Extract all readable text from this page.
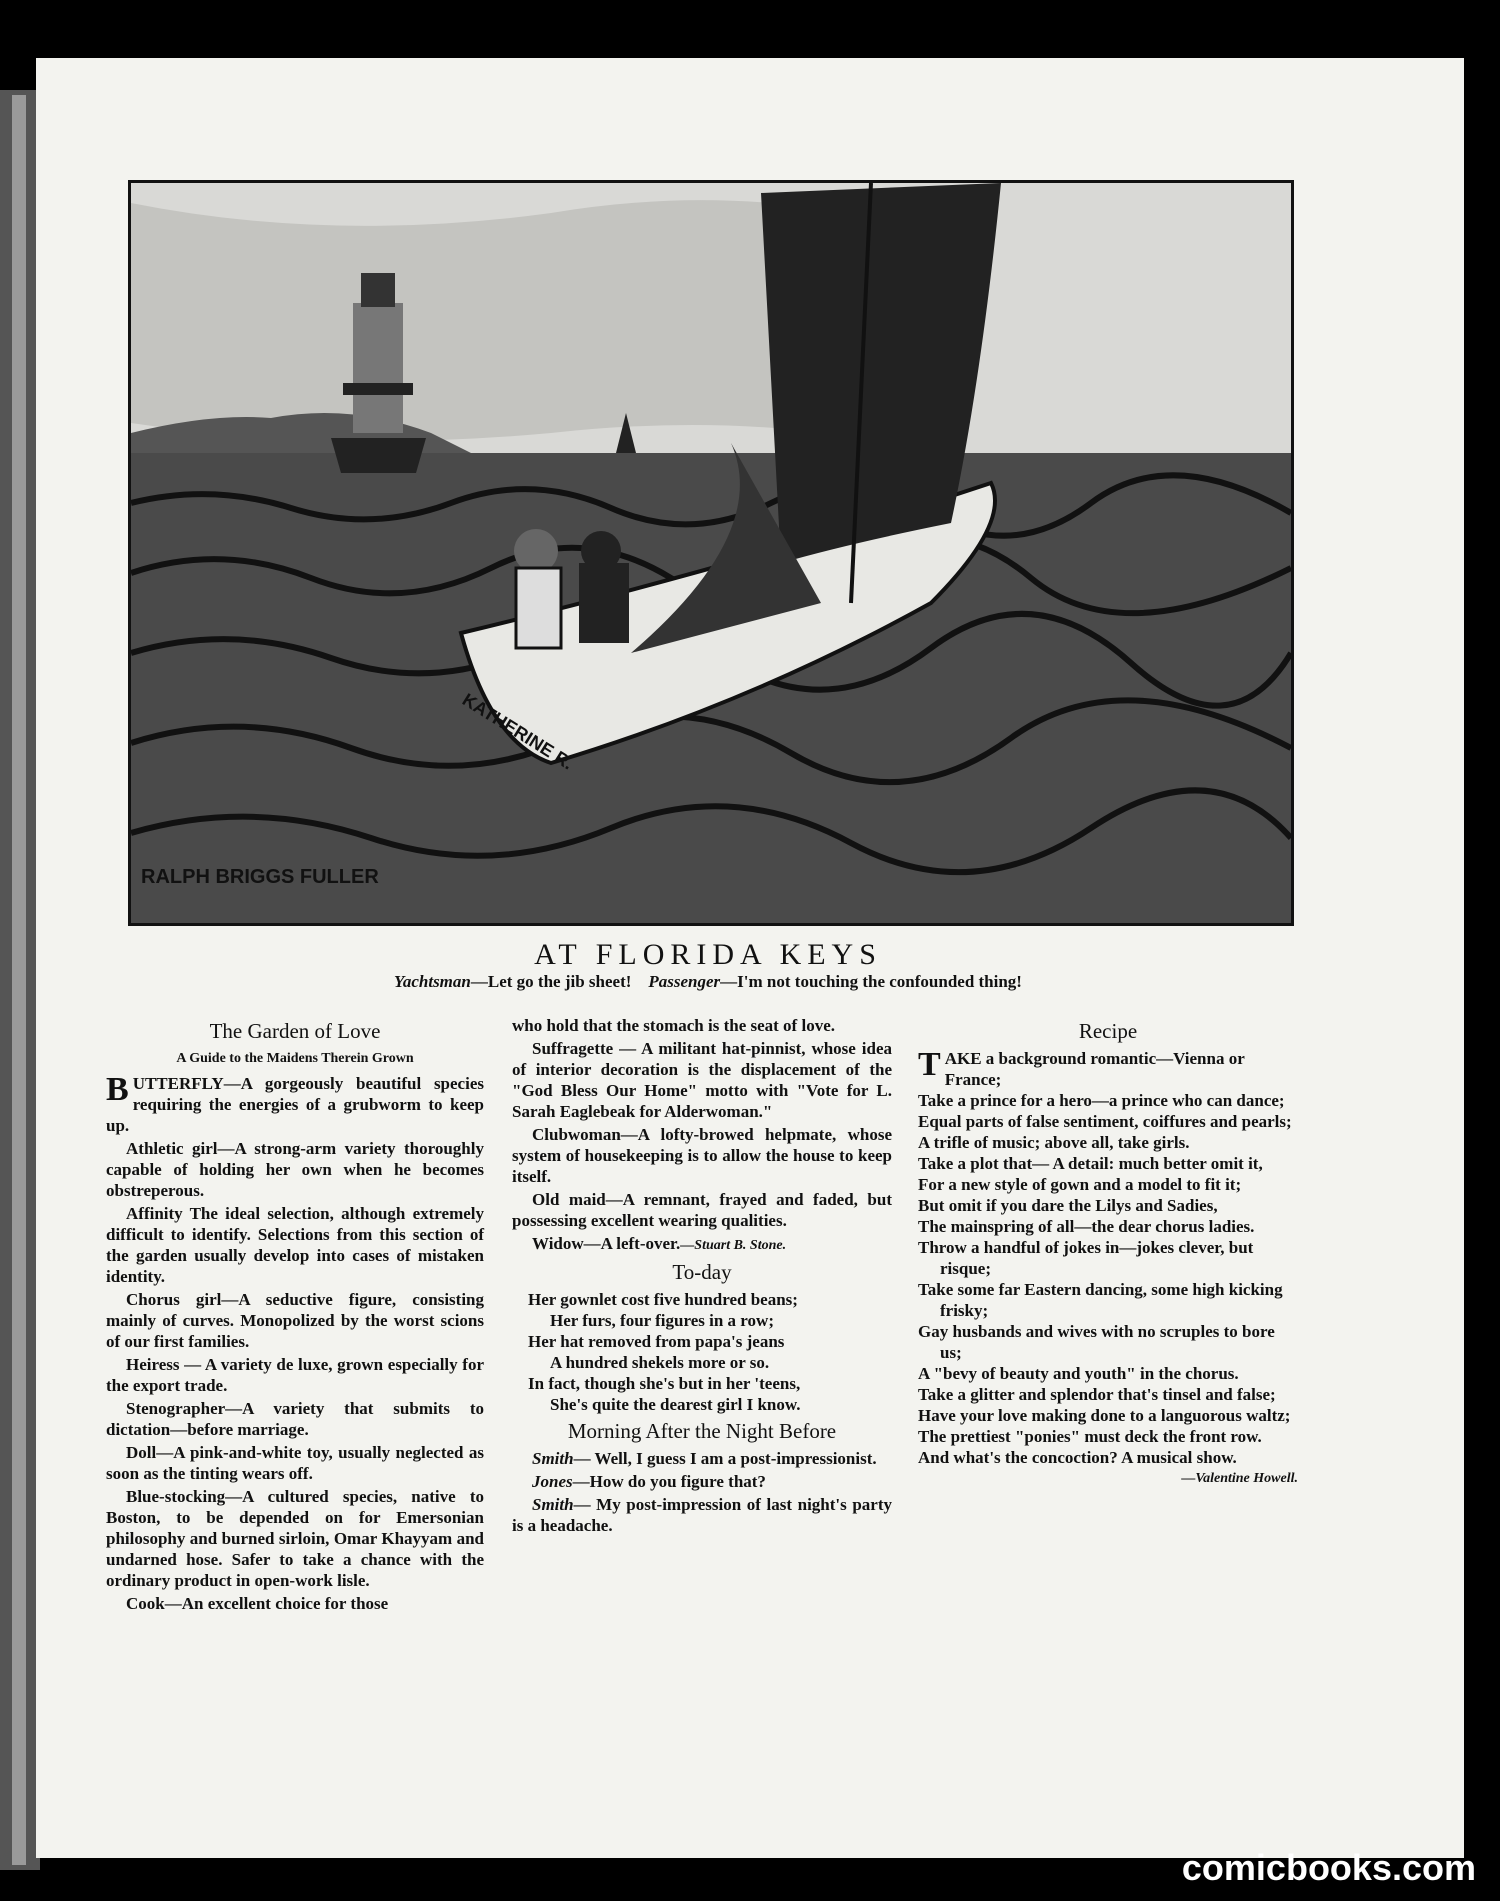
KATHERINE R.
RALPH BRIGGS FULLER
AT FLORIDA KEYS
Yachtsman—Let go the jib sheet! Passenger—I'm not touching the confounded thing!
The Garden of Love
A Guide to the Maidens Therein Grown

BUTTERFLY—A gorgeously beautiful species requiring the energies of a grubworm to keep up.

Athletic girl—A strong-arm variety thoroughly capable of holding her own when he becomes obstreperous.

Affinity The ideal selection, although extremely difficult to identify. Selections from this section of the garden usually develop into cases of mistaken identity.

Chorus girl—A seductive figure, consisting mainly of curves. Monopolized by the worst scions of our first families.

Heiress — A variety de luxe, grown especially for the export trade.

Stenographer—A variety that submits to dictation—before marriage.

Doll—A pink-and-white toy, usually neglected as soon as the tinting wears off.

Blue-stocking—A cultured species, native to Boston, to be depended on for Emersonian philosophy and burned sirloin, Omar Khayyam and undarned hose. Safer to take a chance with the ordinary product in open-work lisle.

Cook—An excellent choice for those

who hold that the stomach is the seat of love.

Suffragette — A militant hat-pinnist, whose idea of interior decoration is the displacement of the "God Bless Our Home" motto with "Vote for L. Sarah Eaglebeak for Alderwoman."

Clubwoman—A lofty-browed helpmate, whose system of housekeeping is to allow the house to keep itself.

Old maid—A remnant, frayed and faded, but possessing excellent wearing qualities.

Widow—A left-over.—Stuart B. Stone.

To-day
Her gownlet cost five hundred beans;
Her furs, four figures in a row;
Her hat removed from papa's jeans
A hundred shekels more or so.
In fact, though she's but in her 'teens,
She's quite the dearest girl I know.
Morning After the Night Before

Smith— Well, I guess I am a post-impressionist.

Jones—How do you figure that?

Smith— My post-impression of last night's party is a headache.

Recipe
TAKE a background romantic—Vienna or France;
Take a prince for a hero—a prince who can dance;
Equal parts of false sentiment, coiffures and pearls;
A trifle of music; above all, take girls.
Take a plot that— A detail: much better omit it,
For a new style of gown and a model to fit it;
But omit if you dare the Lilys and Sadies,
The mainspring of all—the dear chorus ladies.
Throw a handful of jokes in—jokes clever, but risque;
Take some far Eastern dancing, some high kicking frisky;
Gay husbands and wives with no scruples to bore us;
A "bevy of beauty and youth" in the chorus.
Take a glitter and splendor that's tinsel and false;
Have your love making done to a languorous waltz;
The prettiest "ponies" must deck the front row.
And what's the concoction? A musical show.
—Valentine Howell.
comicbooks.com
